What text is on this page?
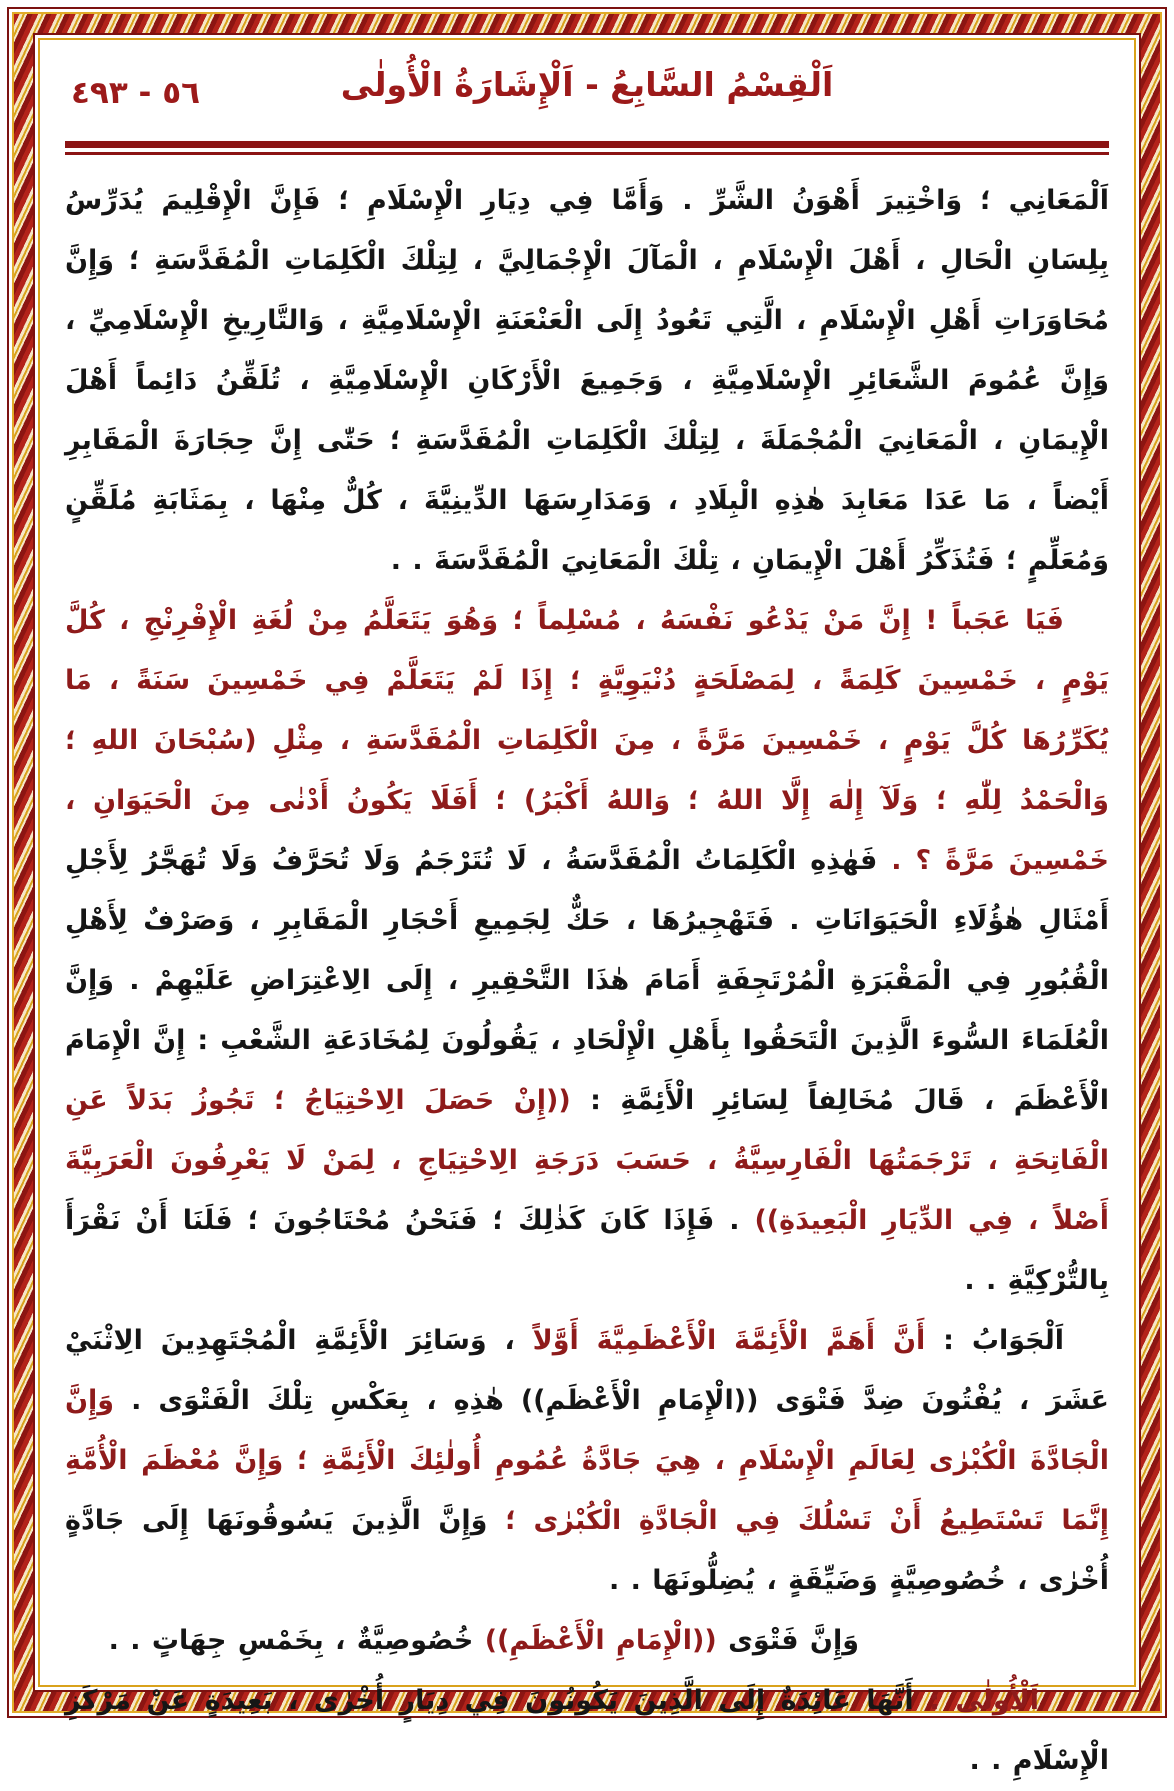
٥٦ - ٤٩٣	اَلْقِسْمُ السَّابِعُ - اَلْإِشَارَةُ الْأُولٰى

اَلْمَعَانِي ؛ وَاخْتِيرَ أَهْوَنُ الشَّرِّ . وَأَمَّا فِي دِيَارِ الْإِسْلَامِ ؛ فَإِنَّ الْإِقْلِيمَ يُدَرِّسُ بِلِسَانِ الْحَالِ ، أَهْلَ الْإِسْلَامِ ، الْمَآلَ الْإِجْمَالِيَّ ، لِتِلْكَ الْكَلِمَاتِ الْمُقَدَّسَةِ ؛ وَإِنَّ مُحَاوَرَاتِ أَهْلِ الْإِسْلَامِ ، الَّتِي تَعُودُ إِلَى الْعَنْعَنَةِ الْإِسْلَامِيَّةِ ، وَالتَّارِيخِ الْإِسْلَامِيِّ ، وَإِنَّ عُمُومَ الشَّعَائِرِ الْإِسْلَامِيَّةِ ، وَجَمِيعَ الْأَرْكَانِ الْإِسْلَامِيَّةِ ، تُلَقِّنُ دَائِماً أَهْلَ الْإِيمَانِ ، الْمَعَانِيَ الْمُجْمَلَةَ ، لِتِلْكَ الْكَلِمَاتِ الْمُقَدَّسَةِ ؛ حَتّٰى إِنَّ حِجَارَةَ الْمَقَابِرِ أَيْضاً ، مَا عَدَا مَعَابِدَ هٰذِهِ الْبِلَادِ ، وَمَدَارِسَهَا الدِّينِيَّةَ ، كُلٌّ مِنْهَا ، بِمَثَابَةِ مُلَقِّنٍ وَمُعَلِّمٍ ؛ فَتُذَكِّرُ أَهْلَ الْإِيمَانِ ، تِلْكَ الْمَعَانِيَ الْمُقَدَّسَةَ . .

فَيَا عَجَباً ! إِنَّ مَنْ يَدْعُو نَفْسَهُ ، مُسْلِماً ؛ وَهُوَ يَتَعَلَّمُ مِنْ لُغَةِ الْإِفْرِنْجِ ، كُلَّ يَوْمٍ ، خَمْسِينَ كَلِمَةً ، لِمَصْلَحَةٍ دُنْيَوِيَّةٍ ؛ إِذَا لَمْ يَتَعَلَّمْ فِي خَمْسِينَ سَنَةً ، مَا يُكَرِّرُهَا كُلَّ يَوْمٍ ، خَمْسِينَ مَرَّةً ، مِنَ الْكَلِمَاتِ الْمُقَدَّسَةِ ، مِثْلِ (سُبْحَانَ اللهِ ؛ وَالْحَمْدُ لِلّٰهِ ؛ وَلَآ إِلٰهَ إِلَّا اللهُ ؛ وَاللهُ أَكْبَرُ) ؛ أَفَلَا يَكُونُ أَدْنٰى مِنَ الْحَيَوَانِ ، خَمْسِينَ مَرَّةً ؟ . فَهٰذِهِ الْكَلِمَاتُ الْمُقَدَّسَةُ ، لَا تُتَرْجَمُ وَلَا تُحَرَّفُ وَلَا تُهَجَّرُ لِأَجْلِ أَمْثَالِ هٰؤُلَاءِ الْحَيَوَانَاتِ . فَتَهْجِيرُهَا ، حَكٌّ لِجَمِيعِ أَحْجَارِ الْمَقَابِرِ ، وَصَرْفٌ لِأَهْلِ الْقُبُورِ فِي الْمَقْبَرَةِ الْمُرْتَجِفَةِ أَمَامَ هٰذَا التَّحْقِيرِ ، إِلَى الِاعْتِرَاضِ عَلَيْهِمْ . وَإِنَّ الْعُلَمَاءَ السُّوءَ الَّذِينَ الْتَحَقُوا بِأَهْلِ الْإِلْحَادِ ، يَقُولُونَ لِمُخَادَعَةِ الشَّعْبِ : إِنَّ الْإِمَامَ الْأَعْظَمَ ، قَالَ مُخَالِفاً لِسَائِرِ الْأَئِمَّةِ : ((إِنْ حَصَلَ الِاحْتِيَاجُ ؛ تَجُوزُ بَدَلاً عَنِ الْفَاتِحَةِ ، تَرْجَمَتُهَا الْفَارِسِيَّةُ ، حَسَبَ دَرَجَةِ الِاحْتِيَاجِ ، لِمَنْ لَا يَعْرِفُونَ الْعَرَبِيَّةَ أَصْلاً ، فِي الدِّيَارِ الْبَعِيدَةِ)) . فَإِذَا كَانَ كَذٰلِكَ ؛ فَنَحْنُ مُحْتَاجُونَ ؛ فَلَنَا أَنْ نَقْرَأَ بِالتُّرْكِيَّةِ . .

اَلْجَوَابُ : أَنَّ أَهَمَّ الْأَئِمَّةَ الْأَعْظَمِيَّةَ أَوَّلاً ، وَسَائِرَ الْأَئِمَّةِ الْمُجْتَهِدِينَ الِاثْنَيْ عَشَرَ ، يُفْتُونَ ضِدَّ فَتْوَى ((الْإِمَامِ الْأَعْظَمِ)) هٰذِهِ ، بِعَكْسِ تِلْكَ الْفَتْوَى . وَإِنَّ الْجَادَّةَ الْكُبْرٰى لِعَالَمِ الْإِسْلَامِ ، هِيَ جَادَّةُ عُمُومِ أُولٰئِكَ الْأَئِمَّةِ ؛ وَإِنَّ مُعْظَمَ الْأُمَّةِ إِنَّمَا تَسْتَطِيعُ أَنْ تَسْلُكَ فِي الْجَادَّةِ الْكُبْرٰى ؛ وَإِنَّ الَّذِينَ يَسُوقُونَهَا إِلَى جَادَّةٍ أُخْرٰى ، خُصُوصِيَّةٍ وَضَيِّقَةٍ ، يُضِلُّونَهَا . .

وَإِنَّ فَتْوَى ((الْإِمَامِ الْأَعْظَمِ)) خُصُوصِيَّةٌ ، بِخَمْسِ جِهَاتٍ . .

اَلْأُولٰى : أَنَّهَا عَائِدَةٌ إِلَى الَّذِينَ يَكُونُونَ فِي دِيَارٍ أُخْرٰى ، بَعِيدَةٍ عَنْ مَرْكَزِ الْإِسْلَامِ . .
